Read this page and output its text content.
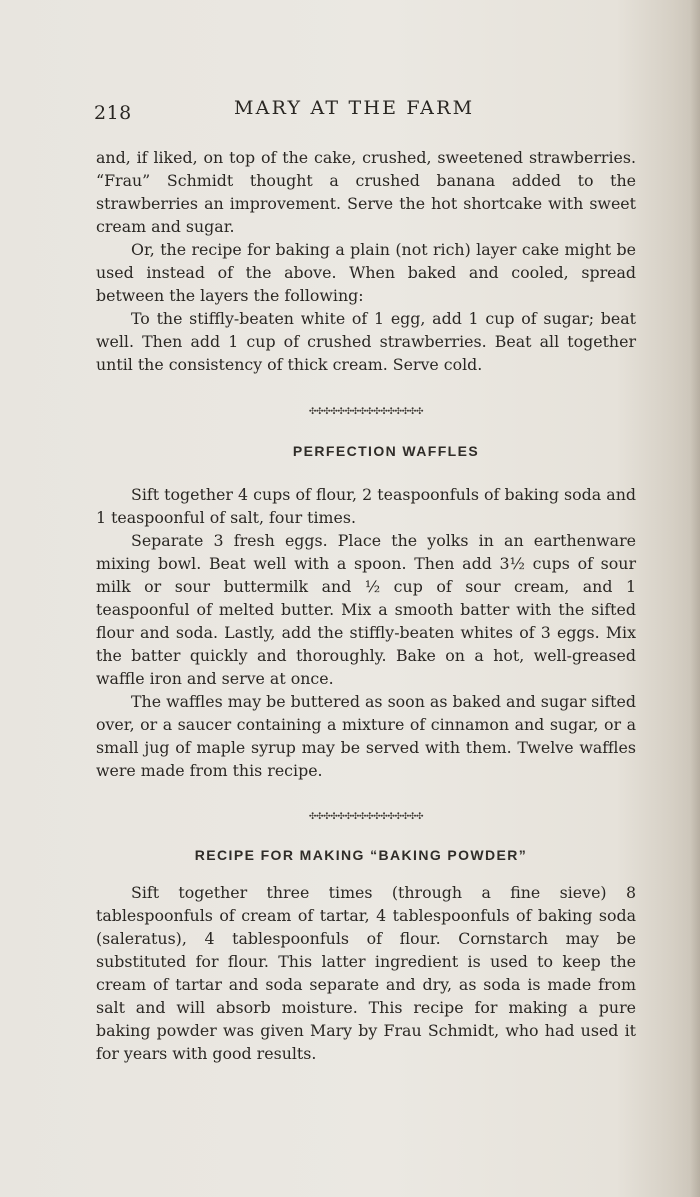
218	MARY AT THE FARM

and, if liked, on top of the cake, crushed, sweetened strawberries. “Frau” Schmidt thought a crushed banana added to the strawberries an improvement. Serve the hot shortcake with sweet cream and sugar.

Or, the recipe for baking a plain (not rich) layer cake might be used instead of the above. When baked and cooled, spread between the layers the following:

To the stiffly-beaten white of 1 egg, add 1 cup of sugar; beat well. Then add 1 cup of crushed strawberries. Beat all together until the consistency of thick cream. Serve cold.

✣✣✣✣✣✣✣✣✣✣✣✣✣✣✣✣
PERFECTION WAFFLES

Sift together 4 cups of flour, 2 teaspoonfuls of baking soda and 1 teaspoonful of salt, four times.

Separate 3 fresh eggs. Place the yolks in an earthenware mixing bowl. Beat well with a spoon. Then add 3½ cups of sour milk or sour buttermilk and ½ cup of sour cream, and 1 teaspoonful of melted butter. Mix a smooth batter with the sifted flour and soda. Lastly, add the stiffly-beaten whites of 3 eggs. Mix the batter quickly and thoroughly. Bake on a hot, well-greased waffle iron and serve at once.

The waffles may be buttered as soon as baked and sugar sifted over, or a saucer containing a mixture of cinnamon and sugar, or a small jug of maple syrup may be served with them. Twelve waffles were made from this recipe.

✣✣✣✣✣✣✣✣✣✣✣✣✣✣✣✣
RECIPE FOR MAKING “BAKING POWDER”

Sift together three times (through a fine sieve) 8 tablespoonfuls of cream of tartar, 4 tablespoonfuls of baking soda (saleratus), 4 tablespoonfuls of flour. Cornstarch may be substituted for flour. This latter ingredient is used to keep the cream of tartar and soda separate and dry, as soda is made from salt and will absorb moisture. This recipe for making a pure baking powder was given Mary by Frau Schmidt, who had used it for years with good results.
